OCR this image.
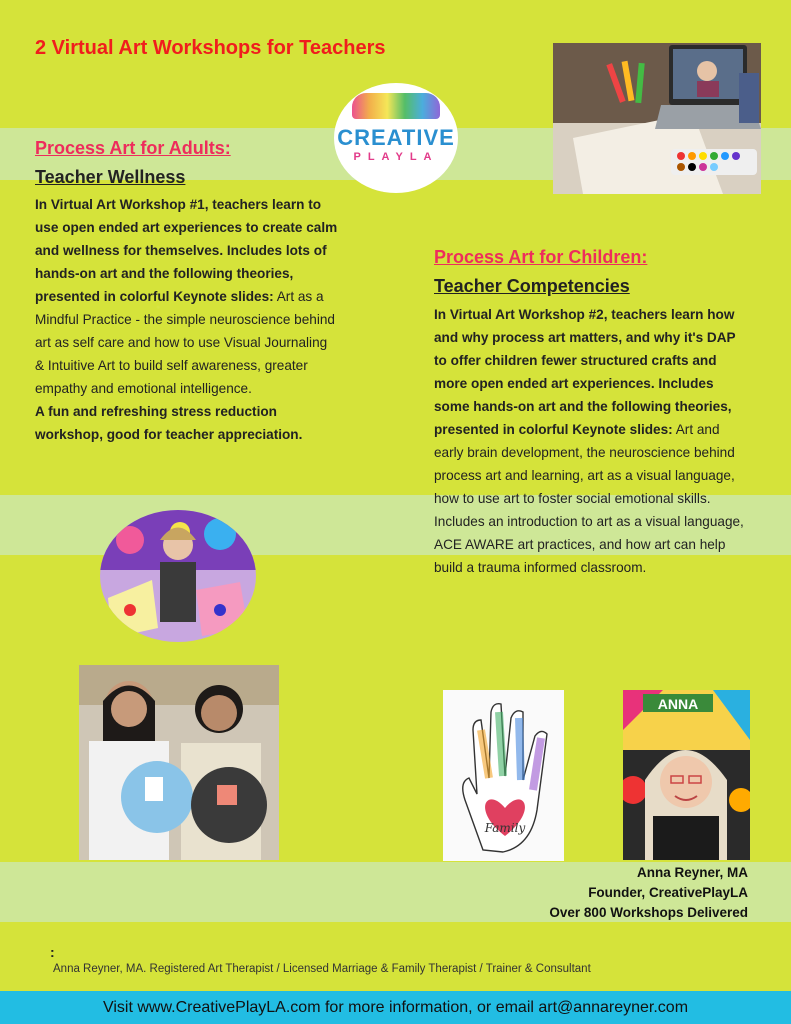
2 Virtual Art Workshops for Teachers
CREATIVE
PLAYLA
Process Art for Adults:
Teacher Wellness
In Virtual Art Workshop #1, teachers learn to use open ended art experiences to create calm and wellness for themselves. Includes lots of hands-on art and the following theories, presented in colorful Keynote slides: Art as a Mindful Practice - the simple neuroscience behind art as self care and how to use Visual Journaling & Intuitive Art to build self awareness, greater empathy and emotional intelligence.
A fun and refreshing stress reduction workshop, good for teacher appreciation.
Process Art for Children:
Teacher Competencies
In Virtual Art Workshop #2, teachers learn how and why process art matters, and why it's DAP to offer children fewer structured crafts and more open ended art experiences. Includes some hands-on art and the following theories, presented in colorful Keynote slides: Art and early brain development, the neuroscience behind process art and learning, art as a visual language, how to use art to foster social emotional skills. Includes an introduction to art as a visual language, ACE AWARE art practices, and how art can help build a trauma informed classroom.
Family
ANNA
Anna Reyner, MA
Founder, CreativePlayLA
Over 800 Workshops Delivered
:
Anna Reyner, MA. Registered Art Therapist / Licensed Marriage & Family Therapist / Trainer & Consultant
Visit www.CreativePlayLA.com for more information, or email art@annareyner.com
